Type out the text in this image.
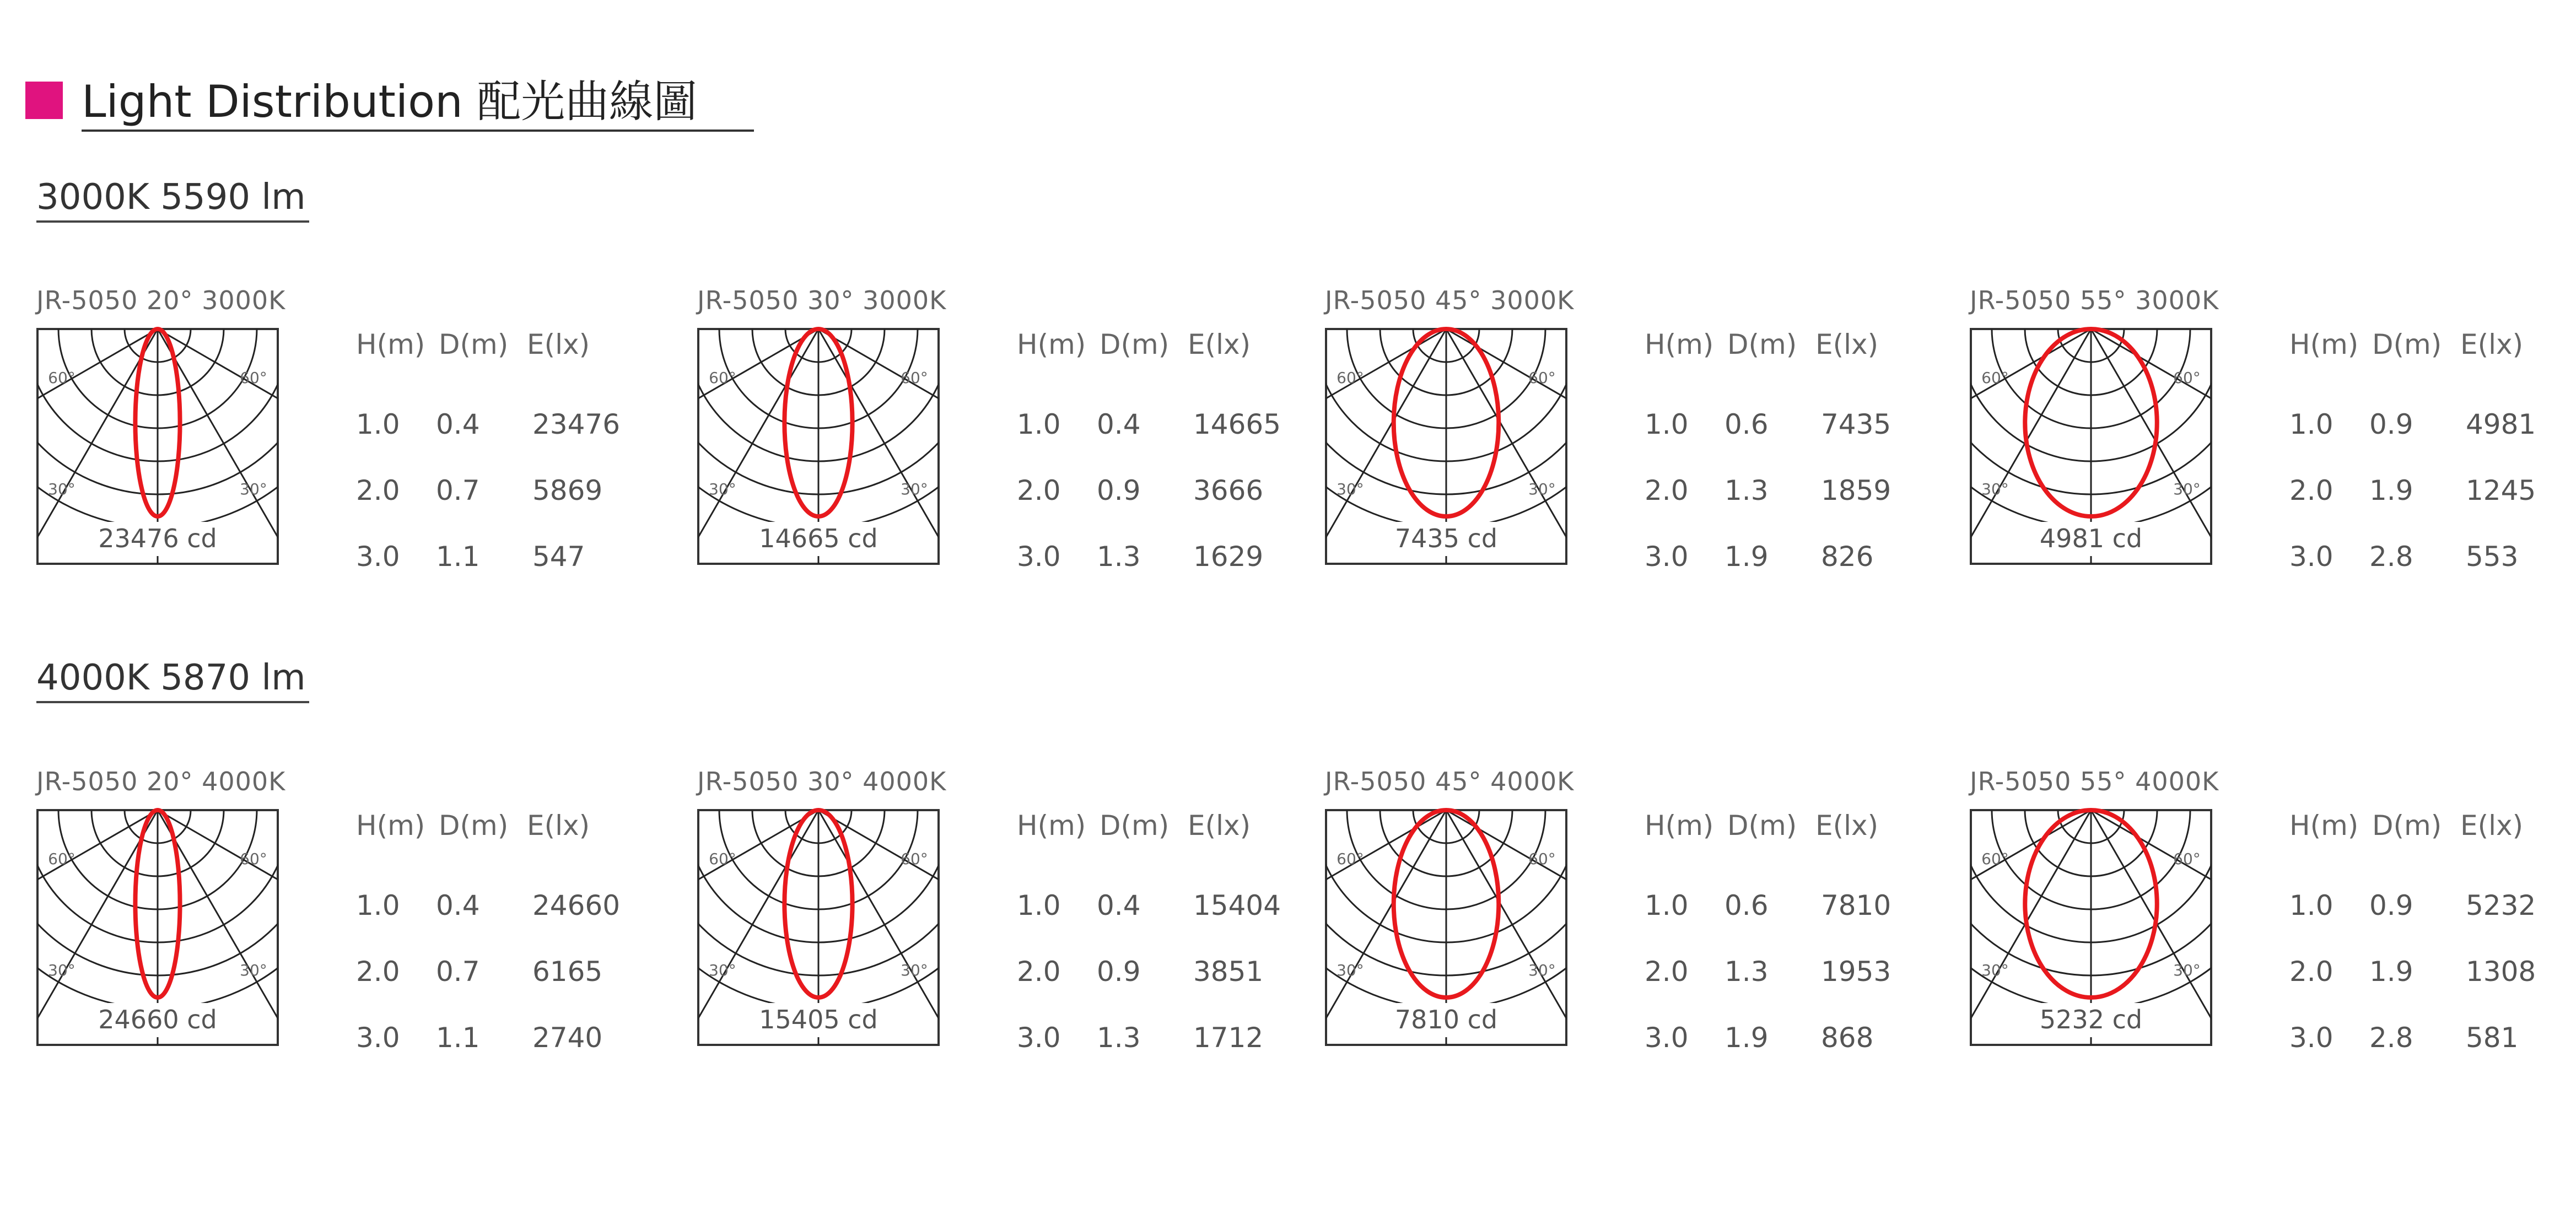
Light Distribution 配光曲線圖
3000K 5590 lm
4000K 5870 lm
JR-5050 20° 3000K
60°	60°
30°	30°
23476 cd
H(m) D(m) E(lx)
1.0 0.4 23476
2.0 0.7 5869
3.0 1.1 547
JR-5050 30° 3000K
60°	60°
30°	30°
14665 cd
H(m) D(m) E(lx)
1.0 0.4 14665
2.0 0.9 3666
3.0 1.3 1629
JR-5050 45° 3000K
60°	60°
30°	30°
7435 cd
H(m) D(m) E(lx)
1.0 0.6 7435
2.0 1.3 1859
3.0 1.9 826
JR-5050 55° 3000K
60°	60°
30°	30°
4981 cd
H(m) D(m) E(lx)
1.0 0.9 4981
2.0 1.9 1245
3.0 2.8 553
JR-5050 20° 4000K
60°	60°
30°	30°
24660 cd
H(m) D(m) E(lx)
1.0 0.4 24660
2.0 0.7 6165
3.0 1.1 2740
JR-5050 30° 4000K
60°	60°
30°	30°
15405 cd
H(m) D(m) E(lx)
1.0 0.4 15404
2.0 0.9 3851
3.0 1.3 1712
JR-5050 45° 4000K
60°	60°
30°	30°
7810 cd
H(m) D(m) E(lx)
1.0 0.6 7810
2.0 1.3 1953
3.0 1.9 868
JR-5050 55° 4000K
60°	60°
30°	30°
5232 cd
H(m) D(m) E(lx)
1.0 0.9 5232
2.0 1.9 1308
3.0 2.8 581
